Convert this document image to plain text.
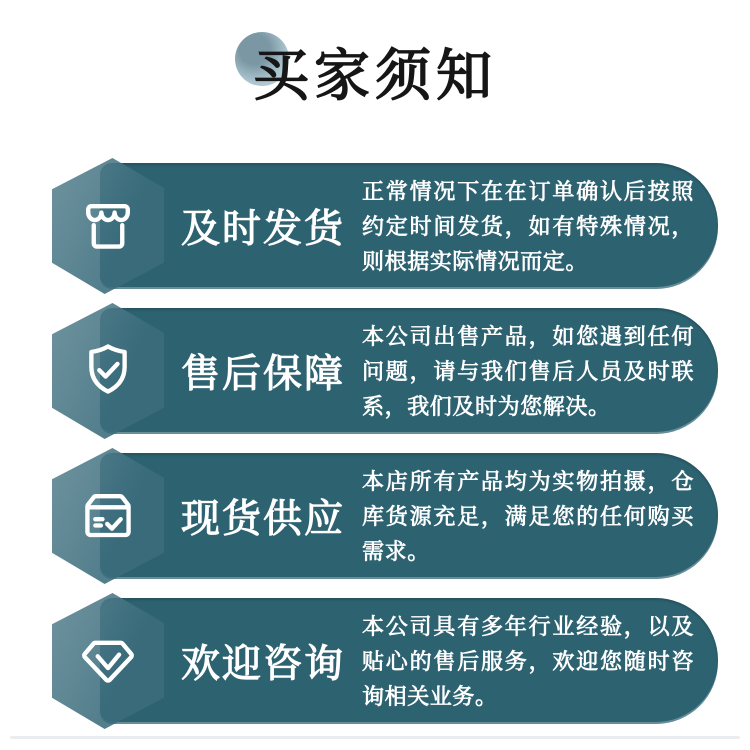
买家须知
及时发货

正常情况下在在订单确认后按照约定时间发货，如有特殊情况，则根据实际情况而定。

售后保障

本公司出售产品，如您遇到任何问题，请与我们售后人员及时联系，我们及时为您解决。

现货供应

本店所有产品均为实物拍摄，仓库货源充足，满足您的任何购买需求。

欢迎咨询

本公司具有多年行业经验，以及贴心的售后服务，欢迎您随时咨询相关业务。
